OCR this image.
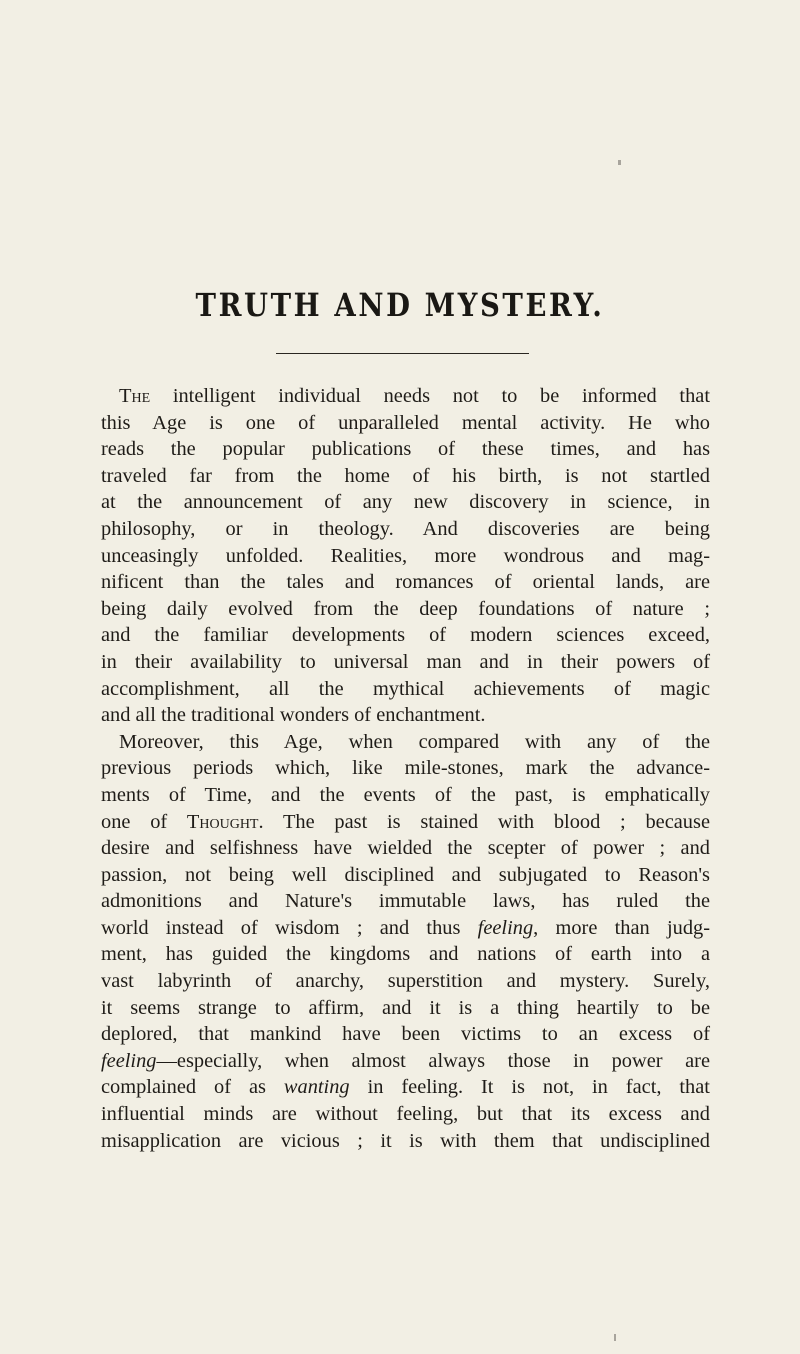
TRUTH AND MYSTERY.
The intelligent individual needs not to be informed that
this Age is one of unparalleled mental activity. He who
reads the popular publications of these times, and has
traveled far from the home of his birth, is not startled
at the announcement of any new discovery in science, in
philosophy, or in theology. And discoveries are being
unceasingly unfolded. Realities, more wondrous and mag-
nificent than the tales and romances of oriental lands, are
being daily evolved from the deep foundations of nature ;
and the familiar developments of modern sciences exceed,
in their availability to universal man and in their powers of
accomplishment, all the mythical achievements of magic
and all the traditional wonders of enchantment.
Moreover, this Age, when compared with any of the
previous periods which, like mile-stones, mark the advance-
ments of Time, and the events of the past, is emphatically
one of Thought. The past is stained with blood ; because
desire and selfishness have wielded the scepter of power ; and
passion, not being well disciplined and subjugated to Reason's
admonitions and Nature's immutable laws, has ruled the
world instead of wisdom ; and thus feeling, more than judg-
ment, has guided the kingdoms and nations of earth into a
vast labyrinth of anarchy, superstition and mystery. Surely,
it seems strange to affirm, and it is a thing heartily to be
deplored, that mankind have been victims to an excess of
feeling—especially, when almost always those in power are
complained of as wanting in feeling. It is not, in fact, that
influential minds are without feeling, but that its excess and
misapplication are vicious ; it is with them that undisciplined
